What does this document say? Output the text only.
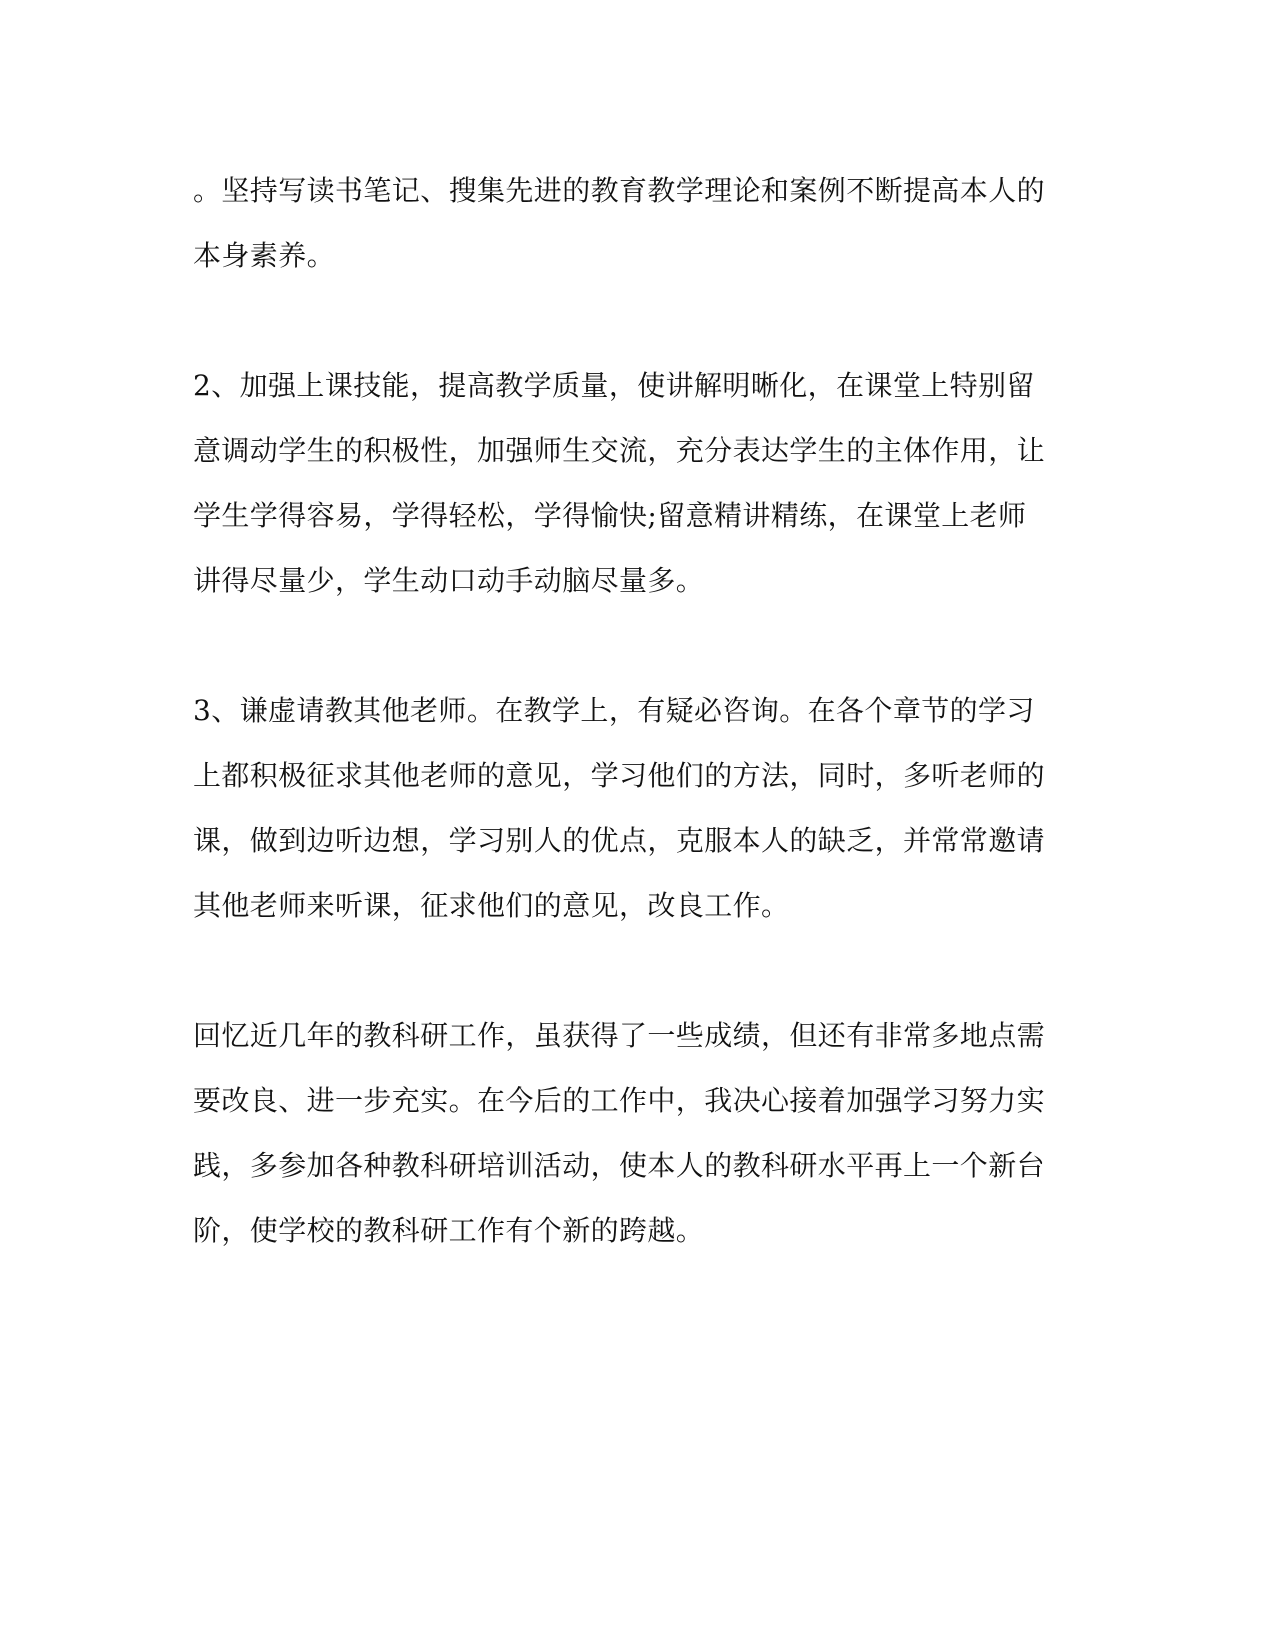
。坚持写读书笔记、搜集先进的教育教学理论和案例不断提高本人的
本身素养。
2、加强上课技能，提高教学质量，使讲解明晰化，在课堂上特别留
意调动学生的积极性，加强师生交流，充分表达学生的主体作用，让
学生学得容易，学得轻松，学得愉快;留意精讲精练，在课堂上老师
讲得尽量少，学生动口动手动脑尽量多。
3、谦虚请教其他老师。在教学上，有疑必咨询。在各个章节的学习
上都积极征求其他老师的意见，学习他们的方法，同时，多听老师的
课，做到边听边想，学习别人的优点，克服本人的缺乏，并常常邀请
其他老师来听课，征求他们的意见，改良工作。
回忆近几年的教科研工作，虽获得了一些成绩，但还有非常多地点需
要改良、进一步充实。在今后的工作中，我决心接着加强学习努力实
践，多参加各种教科研培训活动，使本人的教科研水平再上一个新台
阶，使学校的教科研工作有个新的跨越。
